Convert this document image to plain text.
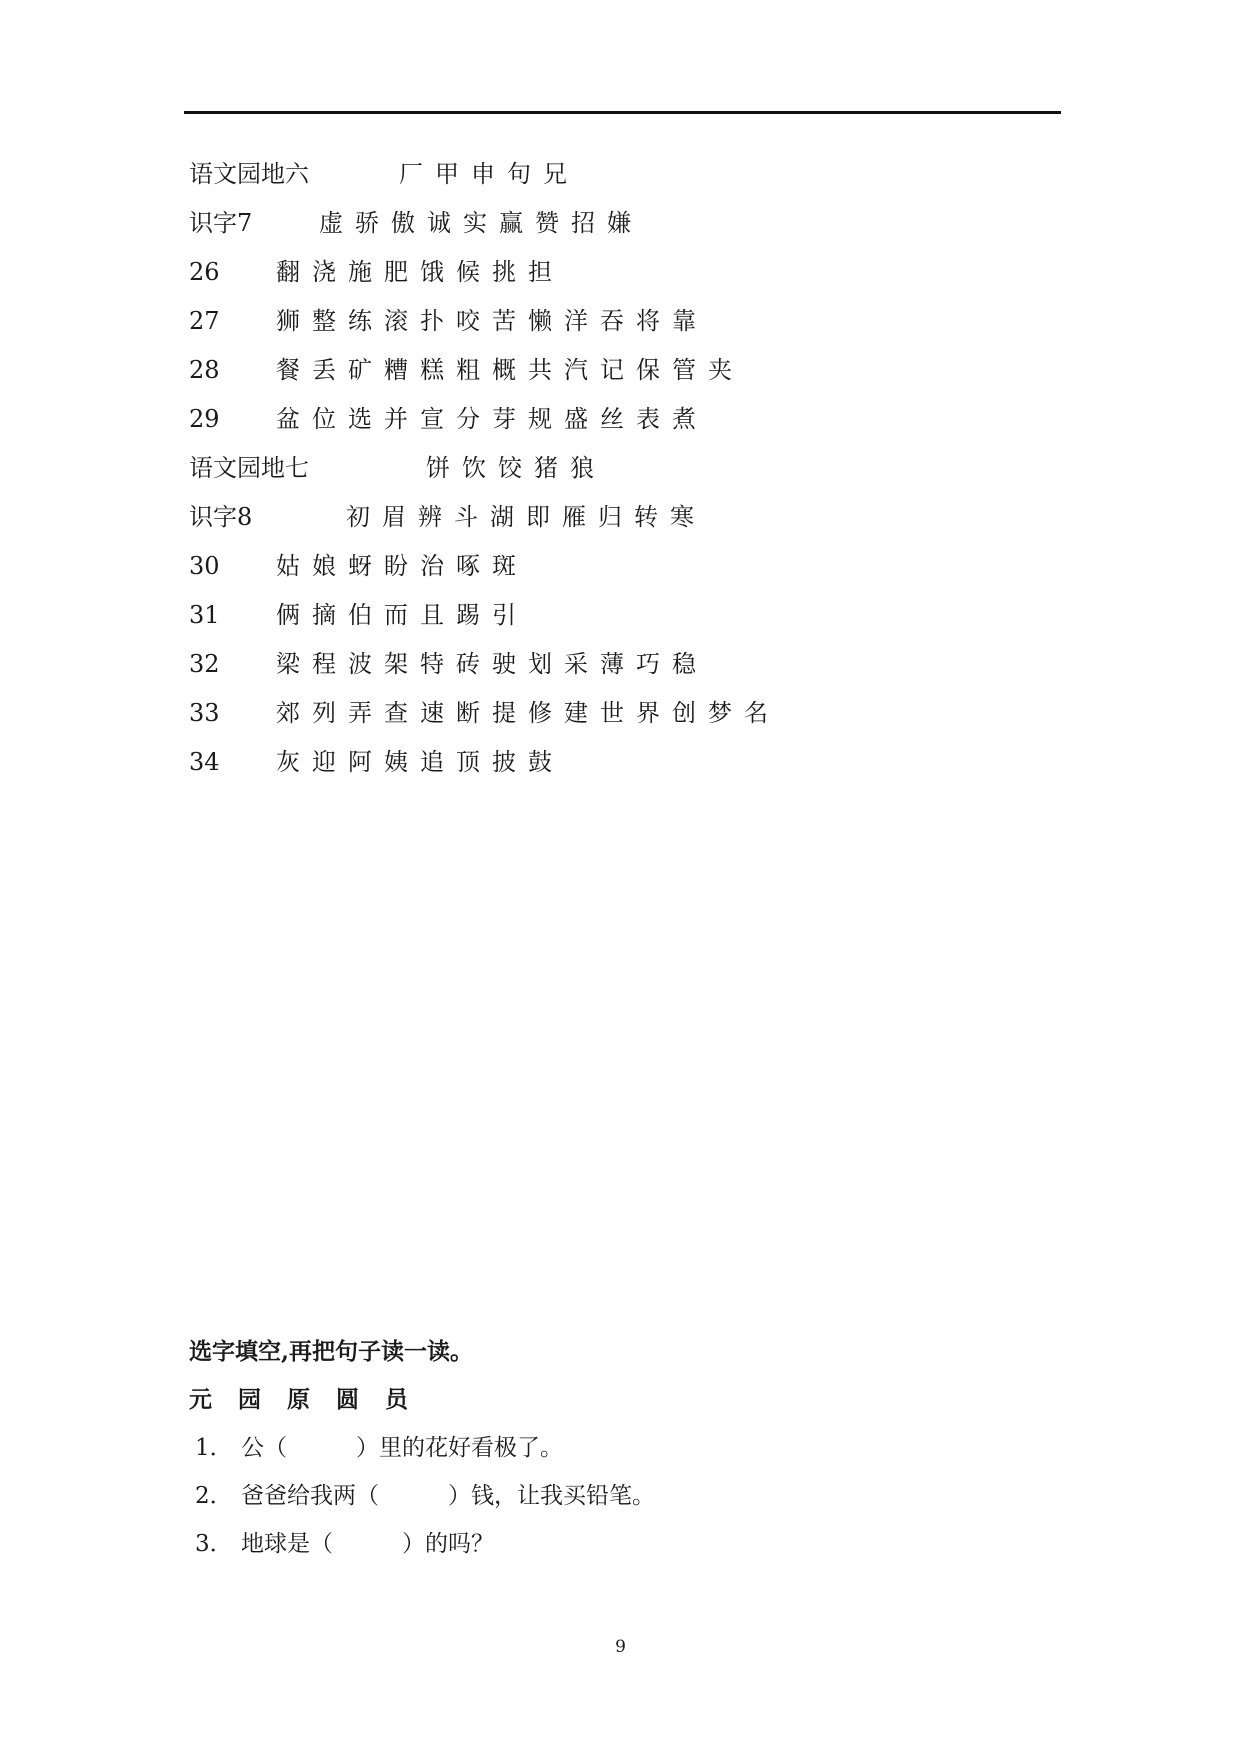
语文园地六	厂甲申句兄
识字7	虚骄傲诚实赢赞招嫌
26 翻浇施肥饿候挑担
27 狮整练滚扑咬苦懒洋吞将靠
28 餐丢矿糟糕粗概共汽记保管夹
29 盆位选并宣分芽规盛丝表煮
语文园地七	饼饮饺猪狼
识字8	初眉辨斗湖即雁归转寒
30 姑娘蚜盼治啄斑
31 俩摘伯而且踢引
32 梁程波架特砖驶划采薄巧稳
33 郊列弄查速断提修建世界创梦名
34 灰迎阿姨追顶披鼓
选字填空,再把句子读一读。
元 园 原 圆 员
1． 公（　　　）里的花好看极了。
2． 爸爸给我两（　　　）钱，让我买铅笔。
3． 地球是（　　　）的吗？
9
